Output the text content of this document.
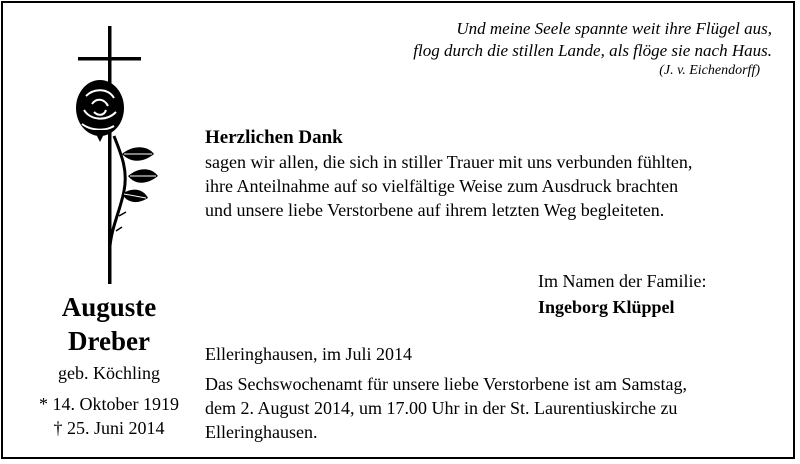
Und meine Seele spannte weit ihre Flügel aus,
flog durch die stillen Lande, als flöge sie nach Haus.
(J. v. Eichendorff)
Auguste
Dreber
geb. Köchling
* 14. Oktober 1919
† 25. Juni 2014
Herzlichen Dank
sagen wir allen, die sich in stiller Trauer mit uns verbunden fühlten,
ihre Anteilnahme auf so vielfältige Weise zum Ausdruck brachten
und unsere liebe Verstorbene auf ihrem letzten Weg begleiteten.
Im Namen der Familie:
Ingeborg Klüppel
Elleringhausen, im Juli 2014
Das Sechswochenamt für unsere liebe Verstorbene ist am Samstag,
dem 2. August 2014, um 17.00 Uhr in der St. Laurentiuskirche zu
Elleringhausen.
